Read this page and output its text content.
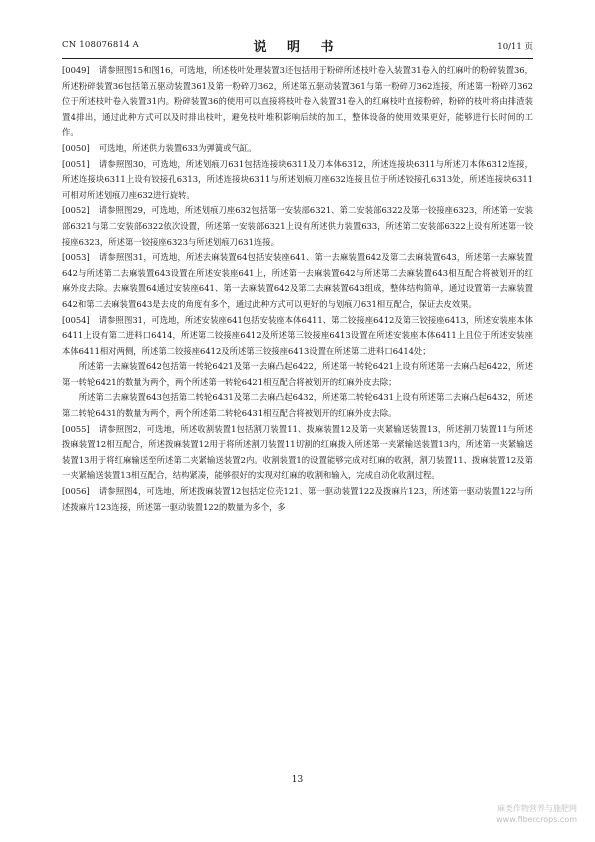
CN 108076814 A	说 明 书	10/11 页

[0049] 请参照图15和图16，可选地，所述枝叶处理装置3还包括用于粉碎所述枝叶卷入装置31卷入的红麻叶的粉碎装置36，所述粉碎装置36包括第五驱动装置361及第一粉碎刀362，所述第五驱动装置361与第一粉碎刀362连接，所述第一粉碎刀362位于所述枝叶卷入装置31内。粉碎装置36的使用可以直接将枝叶卷入装置31卷入的红麻枝叶直接粉碎，粉碎的枝叶将由排渣装置4排出，通过此种方式可以及时排出枝叶，避免枝叶堆积影响后续的加工，整体设备的使用效果更好，能够进行长时间的工作。

[0050] 可选地，所述供力装置633为弹簧或气缸。

[0051] 请参照图30，可选地，所述划痕刀631包括连接块6311及刀本体6312，所述连接块6311与所述刀本体6312连接，所述连接块6311上设有铰接孔6313，所述连接块6311与所述划痕刀座632连接且位于所述铰接孔6313处，所述连接块6311可相对所述划痕刀座632进行旋转。

[0052] 请参照图29，可选地，所述划痕刀座632包括第一安装部6321、第二安装部6322及第一铰接座6323，所述第一安装部6321与第二安装部6322依次设置，所述第一安装部6321上设有所述供力装置633，所述第二安装部6322上设有所述第一铰接座6323，所述第一铰接座6323与所述划痕刀631连接。

[0053] 请参照图31，可选地，所述去麻装置64包括安装座641、第一去麻装置642及第二去麻装置643，所述第一去麻装置642与所述第二去麻装置643设置在所述安装座641上，所述第一去麻装置642与所述第二去麻装置643相互配合将被划开的红麻外皮去除。去麻装置64通过安装座641、第一去麻装置642及第二去麻装置643组成，整体结构简单，通过设置第一去麻装置642和第二去麻装置643是去皮的角度有多个，通过此种方式可以更好的与划痕刀631相互配合，保证去皮效果。

[0054] 请参照图31，可选地，所述安装座641包括安装座本体6411、第二铰接座6412及第三铰接座6413，所述安装座本体6411上设有第二进料口6414，所述第二铰接座6412及所述第三铰接座6413设置在所述安装座本体6411上且位于所述安装座本体6411相对两侧，所述第二铰接座6412及所述第三铰接座6413设置在所述第二进料口6414处；

所述第一去麻装置642包括第一转轮6421及第一去麻凸起6422，所述第一转轮6421上设有所述第一去麻凸起6422，所述第一转轮6421的数量为两个，两个所述第一转轮6421相互配合将被划开的红麻外皮去除；

所述第二去麻装置643包括第二转轮6431及第二去麻凸起6432，所述第二转轮6431上设有所述第二去麻凸起6432，所述第二转轮6431的数量为两个，两个所述第二转轮6431相互配合将被划开的红麻外皮去除。

[0055] 请参照图2，可选地，所述收割装置1包括割刀装置11、拨麻装置12及第一夹紧输送装置13，所述割刀装置11与所述拨麻装置12相互配合，所述拨麻装置12用于将所述割刀装置11切割的红麻拨入所述第一夹紧输送装置13内，所述第一夹紧输送装置13用于将红麻输送至所述第二夹紧输送装置2内。收割装置1的设置能够完成对红麻的收割，割刀装置11、拨麻装置12及第一夹紧输送装置13相互配合，结构紧凑，能够很好的实现对红麻的收割和输入，完成自动化收割过程。

[0056] 请参照图4，可选地，所述拨麻装置12包括定位壳121、第一驱动装置122及拨麻片123，所述第一驱动装置122与所述拨麻片123连接，所述第一驱动装置122的数量为多个，多

13
麻类作物营养与施肥网
www.fibercrops.com
